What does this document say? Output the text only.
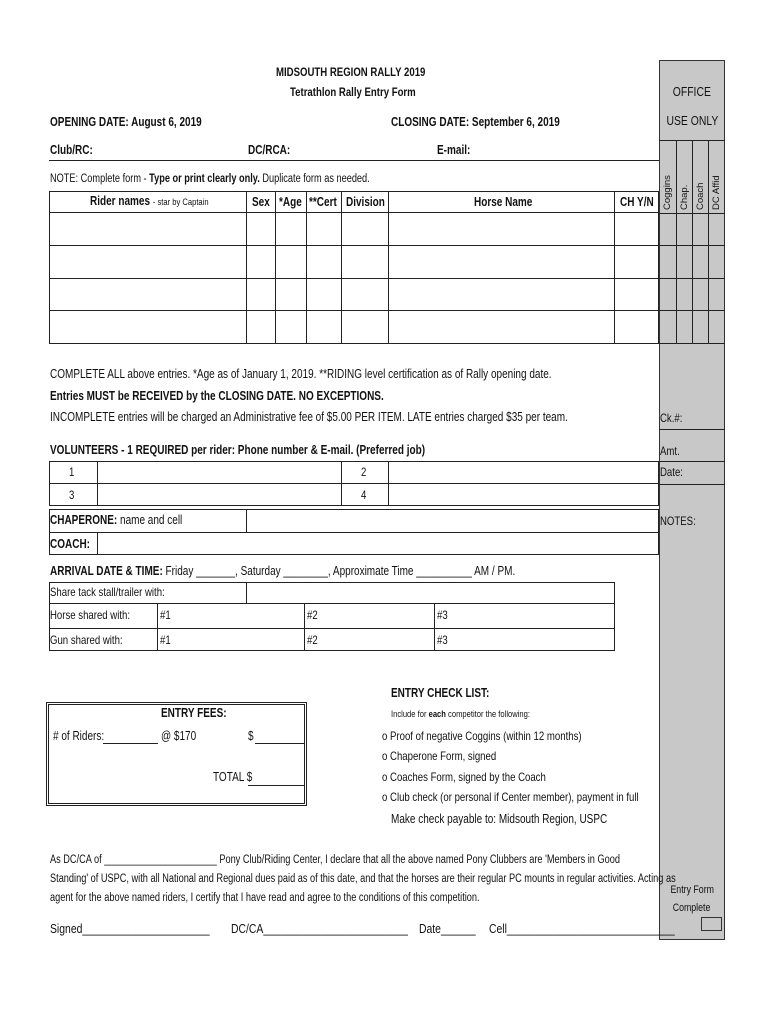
OFFICE
USE ONLY
Coggins Chap. Coach DC Affid
Ck.#:
Amt.
Date:
NOTES:
Entry Form
Complete
MIDSOUTH REGION RALLY 2019
Tetrathlon Rally Entry Form
OPENING DATE: August 6, 2019	CLOSING DATE: September 6, 2019
Club/RC:	DC/RCA:	E-mail:
NOTE: Complete form - Type or print clearly only. Duplicate form as needed.
Rider names - star by Captain	Sex *Age **Cert Division	Horse Name	CH Y/N
COMPLETE ALL above entries. *Age as of January 1, 2019. **RIDING level certification as of Rally opening date.
Entries MUST be RECEIVED by the CLOSING DATE. NO EXCEPTIONS.
INCOMPLETE entries will be charged an Administrative fee of $5.00 PER ITEM. LATE entries charged $35 per team.
VOLUNTEERS - 1 REQUIRED per rider: Phone number & E-mail. (Preferred job)
1	2
3	4
CHAPERONE: name and cell
COACH:
ARRIVAL DATE & TIME: Friday _______, Saturday ________, Approximate Time __________ AM / PM.
Share tack stall/trailer with:
Horse shared with:	#1	#2	#3
Gun shared with:	#1	#2	#3
ENTRY FEES:
# of Riders:	@ $170	$
TOTAL $
ENTRY CHECK LIST:
Include for each competitor the following:
o Proof of negative Coggins (within 12 months)
o Chaperone Form, signed
o Coaches Form, signed by the Coach
o Club check (or personal if Center member), payment in full
Make check payable to: Midsouth Region, USPC
As DC/CA of ______________________ Pony Club/Riding Center, I declare that all the above named Pony Clubbers are 'Members in Good
Standing' of USPC, with all National and Regional dues paid as of this date, and that the horses are their regular PC mounts in regular activities. Acting as
agent for the above named riders, I certify that I have read and agree to the conditions of this competition.
Signed______________________	DC/CA_________________________ Date______	Cell_____________________________
